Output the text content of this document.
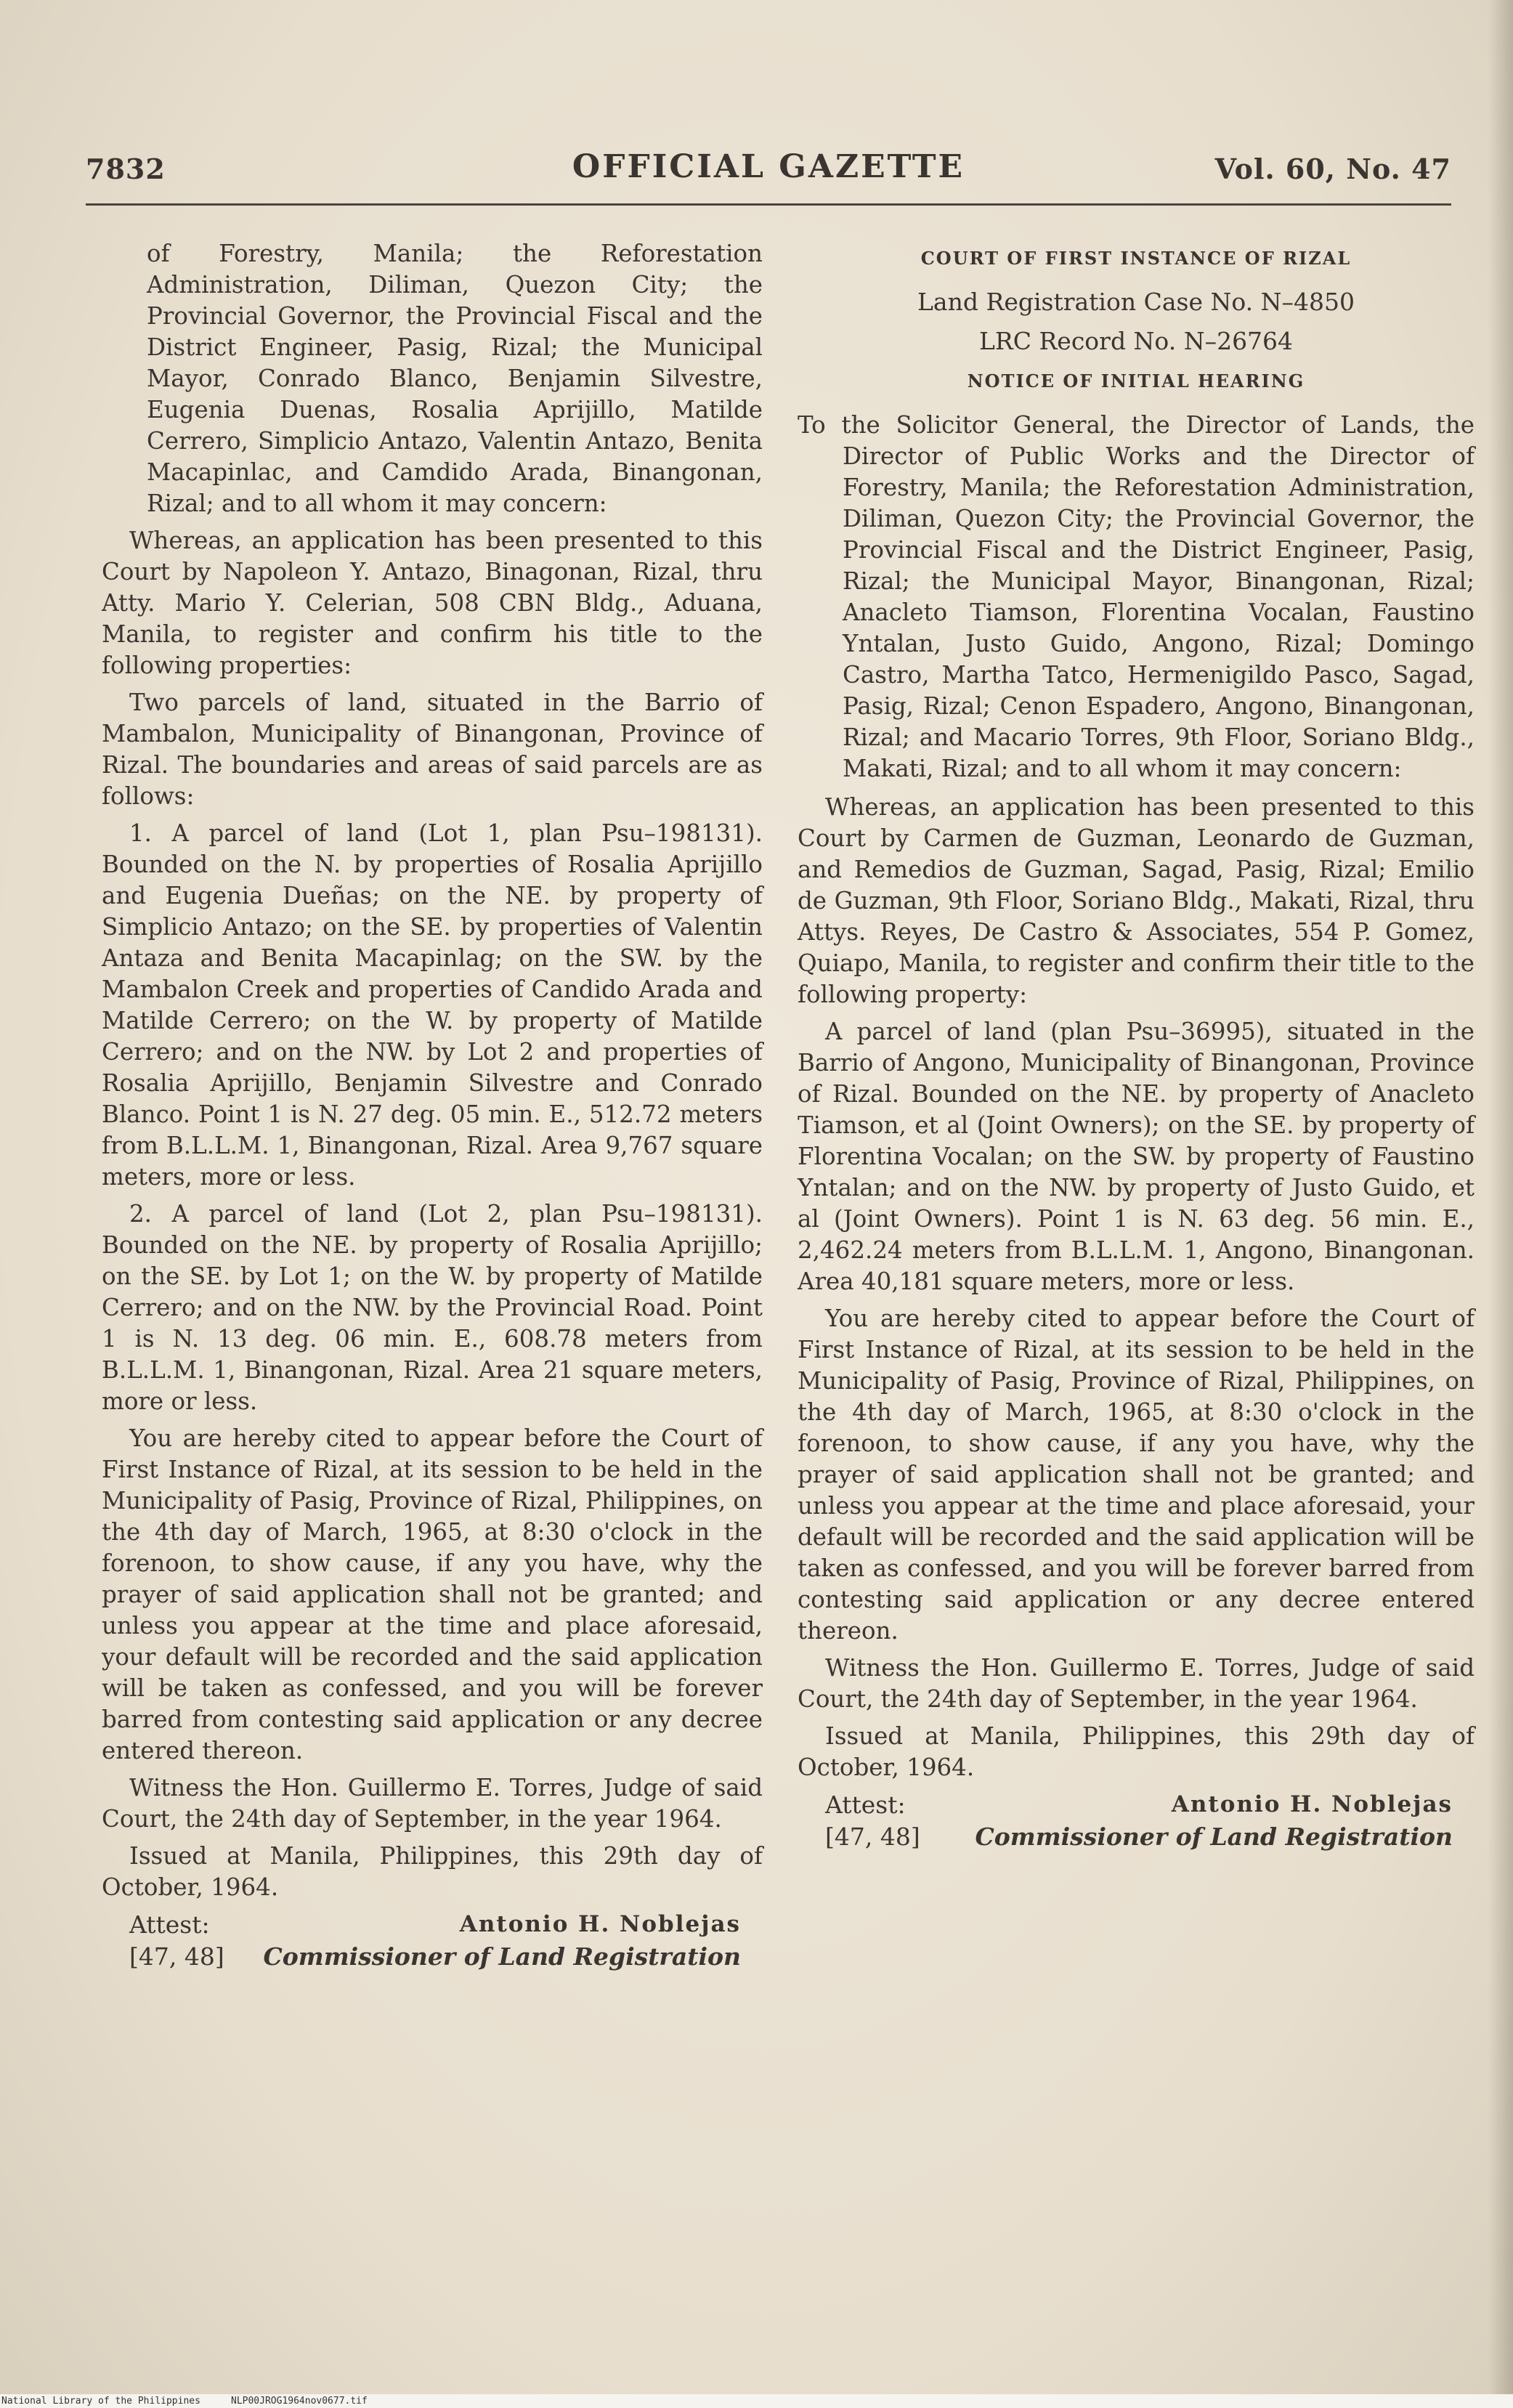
7832	OFFICIAL GAZETTE	Vol. 60, No. 47

of Forestry, Manila; the Reforestation Administration, Diliman, Quezon City; the Provincial Governor, the Provincial Fiscal and the District Engineer, Pasig, Rizal; the Municipal Mayor, Conrado Blanco, Benjamin Silvestre, Eugenia Duenas, Rosalia Aprijillo, Matilde Cerrero, Simplicio Antazo, Valentin Antazo, Benita Macapinlac, and Camdido Arada, Binangonan, Rizal; and to all whom it may concern:

Whereas, an application has been presented to this Court by Napoleon Y. Antazo, Binagonan, Rizal, thru Atty. Mario Y. Celerian, 508 CBN Bldg., Aduana, Manila, to register and confirm his title to the following properties:

Two parcels of land, situated in the Barrio of Mambalon, Municipality of Binangonan, Province of Rizal. The boundaries and areas of said parcels are as follows:

1. A parcel of land (Lot 1, plan Psu–198131). Bounded on the N. by properties of Rosalia Aprijillo and Eugenia Dueñas; on the NE. by property of Simplicio Antazo; on the SE. by properties of Valentin Antaza and Benita Macapinlag; on the SW. by the Mambalon Creek and properties of Candido Arada and Matilde Cerrero; on the W. by property of Matilde Cerrero; and on the NW. by Lot 2 and properties of Rosalia Aprijillo, Benjamin Silvestre and Conrado Blanco. Point 1 is N. 27 deg. 05 min. E., 512.72 meters from B.L.L.M. 1, Binangonan, Rizal. Area 9,767 square meters, more or less.

2. A parcel of land (Lot 2, plan Psu–198131). Bounded on the NE. by property of Rosalia Aprijillo; on the SE. by Lot 1; on the W. by property of Matilde Cerrero; and on the NW. by the Provincial Road. Point 1 is N. 13 deg. 06 min. E., 608.78 meters from B.L.L.M. 1, Binangonan, Rizal. Area 21 square meters, more or less.

You are hereby cited to appear before the Court of First Instance of Rizal, at its session to be held in the Municipality of Pasig, Province of Rizal, Philippines, on the 4th day of March, 1965, at 8:30 o'clock in the forenoon, to show cause, if any you have, why the prayer of said application shall not be granted; and unless you appear at the time and place aforesaid, your default will be recorded and the said application will be taken as confessed, and you will be forever barred from contesting said application or any decree entered thereon.

Witness the Hon. Guillermo E. Torres, Judge of said Court, the 24th day of September, in the year 1964.

Issued at Manila, Philippines, this 29th day of October, 1964.

Attest:
[47, 48]
Antonio H. Noblejas
Commissioner of Land Registration

COURT OF FIRST INSTANCE OF RIZAL

Land Registration Case No. N–4850

LRC Record No. N–26764

NOTICE OF INITIAL HEARING

To the Solicitor General, the Director of Lands, the Director of Public Works and the Director of Forestry, Manila; the Reforestation Administration, Diliman, Quezon City; the Provincial Governor, the Provincial Fiscal and the District Engineer, Pasig, Rizal; the Municipal Mayor, Binangonan, Rizal; Anacleto Tiamson, Florentina Vocalan, Faustino Yntalan, Justo Guido, Angono, Rizal; Domingo Castro, Martha Tatco, Hermenigildo Pasco, Sagad, Pasig, Rizal; Cenon Espadero, Angono, Binangonan, Rizal; and Macario Torres, 9th Floor, Soriano Bldg., Makati, Rizal; and to all whom it may concern:

Whereas, an application has been presented to this Court by Carmen de Guzman, Leonardo de Guzman, and Remedios de Guzman, Sagad, Pasig, Rizal; Emilio de Guzman, 9th Floor, Soriano Bldg., Makati, Rizal, thru Attys. Reyes, De Castro & Associates, 554 P. Gomez, Quiapo, Manila, to register and confirm their title to the following property:

A parcel of land (plan Psu–36995), situated in the Barrio of Angono, Municipality of Binangonan, Province of Rizal. Bounded on the NE. by property of Anacleto Tiamson, et al (Joint Owners); on the SE. by property of Florentina Vocalan; on the SW. by property of Faustino Yntalan; and on the NW. by property of Justo Guido, et al (Joint Owners). Point 1 is N. 63 deg. 56 min. E., 2,462.24 meters from B.L.L.M. 1, Angono, Binangonan. Area 40,181 square meters, more or less.

You are hereby cited to appear before the Court of First Instance of Rizal, at its session to be held in the Municipality of Pasig, Province of Rizal, Philippines, on the 4th day of March, 1965, at 8:30 o'clock in the forenoon, to show cause, if any you have, why the prayer of said application shall not be granted; and unless you appear at the time and place aforesaid, your default will be recorded and the said application will be taken as confessed, and you will be forever barred from contesting said application or any decree entered thereon.

Witness the Hon. Guillermo E. Torres, Judge of said Court, the 24th day of September, in the year 1964.

Issued at Manila, Philippines, this 29th day of October, 1964.

Attest:
[47, 48]
Antonio H. Noblejas
Commissioner of Land Registration
National Library of the Philippines	NLP00JROG1964nov0677.tif
